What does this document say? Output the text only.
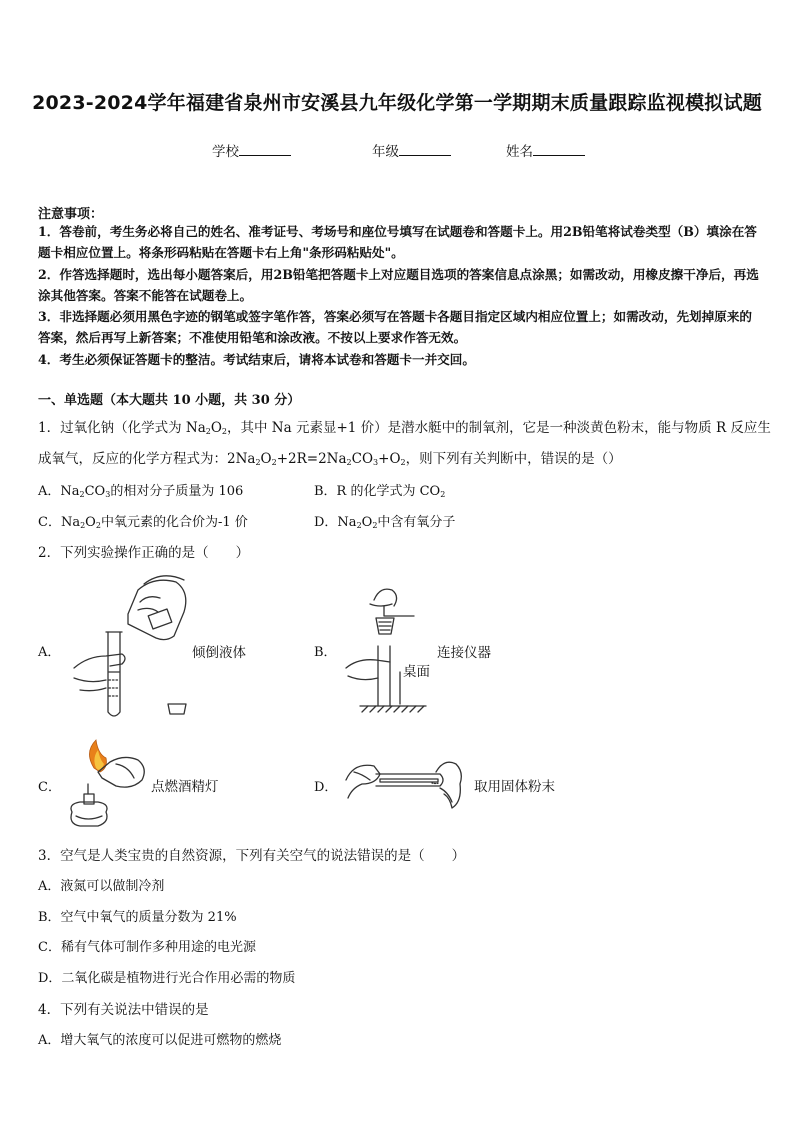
2023-2024学年福建省泉州市安溪县九年级化学第一学期期末质量跟踪监视模拟试题
学校	年级	姓名
注意事项：

1．答卷前，考生务必将自己的姓名、准考证号、考场号和座位号填写在试题卷和答题卡上。用2B铅笔将试卷类型（B）填涂在答题卡相应位置上。将条形码粘贴在答题卡右上角"条形码粘贴处"。

2．作答选择题时，选出每小题答案后，用2B铅笔把答题卡上对应题目选项的答案信息点涂黑；如需改动，用橡皮擦干净后，再选涂其他答案。答案不能答在试题卷上。

3．非选择题必须用黑色字迹的钢笔或签字笔作答，答案必须写在答题卡各题目指定区域内相应位置上；如需改动，先划掉原来的答案，然后再写上新答案；不准使用铅笔和涂改液。不按以上要求作答无效。

4．考生必须保证答题卡的整洁。考试结束后，请将本试卷和答题卡一并交回。

一、单选题（本大题共 10 小题，共 30 分）
1．过氧化钠（化学式为 $Na_2O_2$，其中 Na 元素显+1 价）是潜水艇中的制氧剂，它是一种淡黄色粉末，能与物质 R 反应生
成氧气，反应的化学方程式为：$2Na_2O_2+2R=2Na_2CO_3+O_2$，则下列有关判断中，错误的是（）
A．$Na_2CO_3$的相对分子质量为 106	B．R 的化学式为 $CO_2$
C．$Na_2O_2$中氧元素的化合价为-1 价	D．$Na_2O_2$中含有氧分子
2．下列实验操作正确的是（　　）
A．	倾倒液体	B．
桌面
连接仪器
C．	点燃酒精灯	D．	取用固体粉末
3．空气是人类宝贵的自然资源，下列有关空气的说法错误的是（　　）
A．液氮可以做制冷剂
B．空气中氧气的质量分数为 21%
C．稀有气体可制作多种用途的电光源
D．二氧化碳是植物进行光合作用必需的物质
4．下列有关说法中错误的是
A．增大氧气的浓度可以促进可燃物的燃烧
